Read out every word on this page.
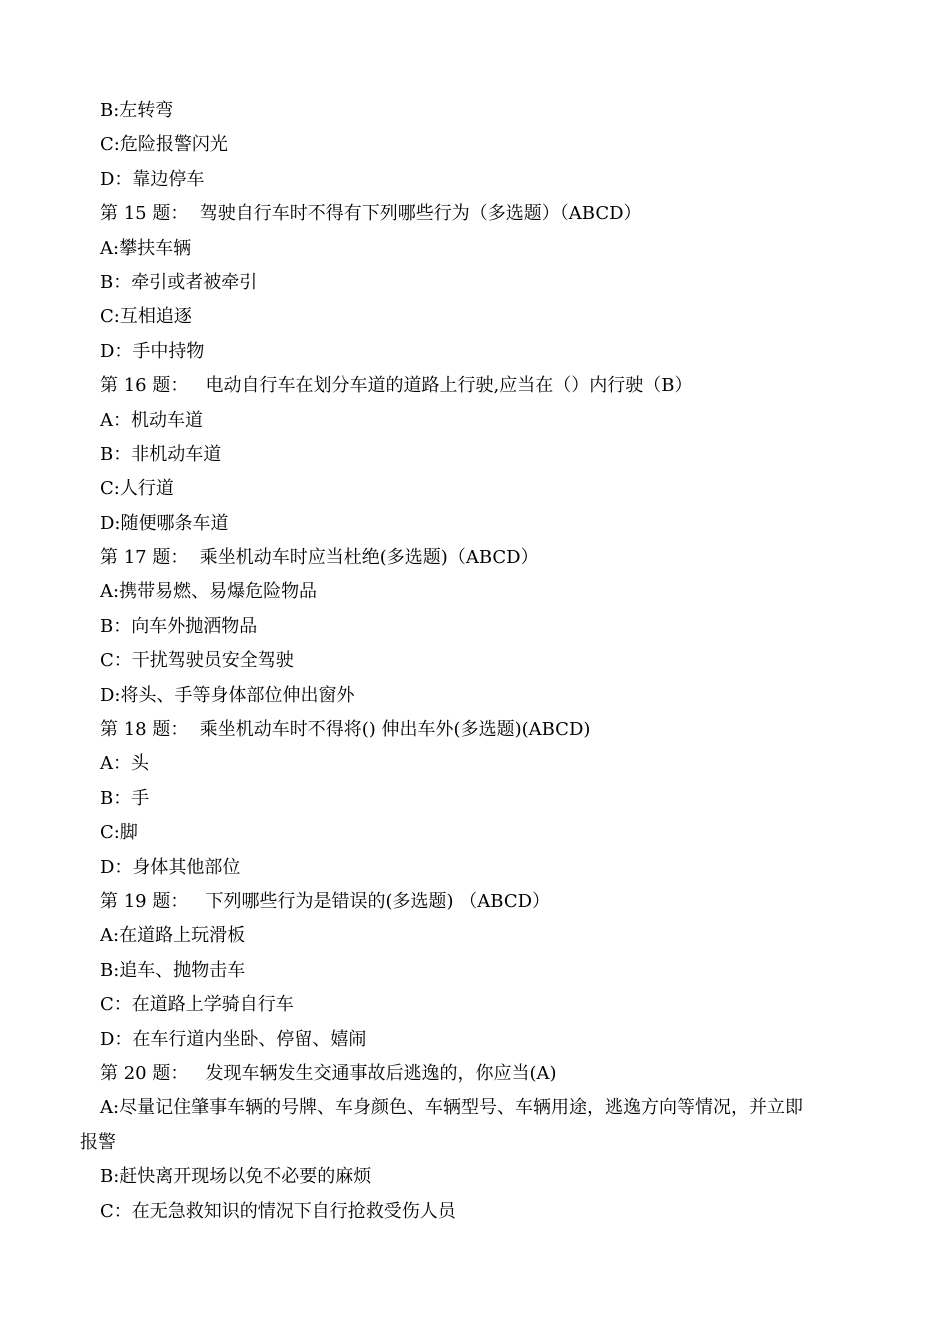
B:左转弯
C:危险报警闪光
D：靠边停车
第 15 题：  驾驶自行车时不得有下列哪些行为（多选题）（ABCD）
A:攀扶车辆
B：牵引或者被牵引
C:互相追逐
D：手中持物
第 16 题：   电动自行车在划分车道的道路上行驶,应当在（）内行驶（B）
A：机动车道
B：非机动车道
C:人行道
D:随便哪条车道
第 17 题：  乘坐机动车时应当杜绝(多选题)（ABCD）
A:携带易燃、易爆危险物品
B：向车外抛洒物品
C：干扰驾驶员安全驾驶
D:将头、手等身体部位伸出窗外
第 18 题：  乘坐机动车时不得将() 伸出车外(多选题)(ABCD)
A：头
B：手
C:脚
D：身体其他部位
第 19 题：   下列哪些行为是错误的(多选题) （ABCD）
A:在道路上玩滑板
B:追车、抛物击车
C：在道路上学骑自行车
D：在车行道内坐卧、停留、嬉闹
第 20 题：   发现车辆发生交通事故后逃逸的，你应当(A)
A:尽量记住肇事车辆的号牌、车身颜色、车辆型号、车辆用途，逃逸方向等情况，并立即
报警
B:赶快离开现场以免不必要的麻烦
C：在无急救知识的情况下自行抢救受伤人员
